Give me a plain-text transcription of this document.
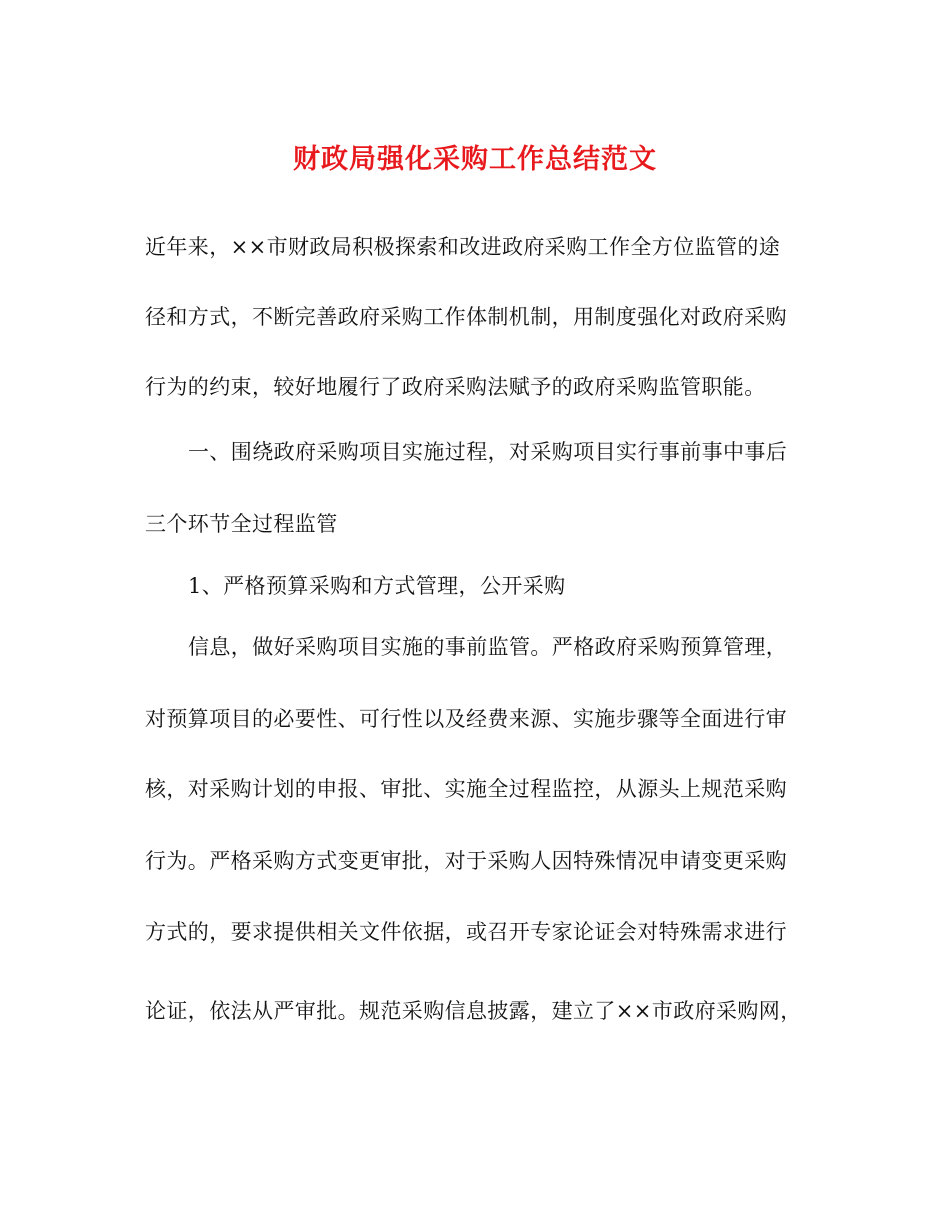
财政局强化采购工作总结范文
近年来，××市财政局积极探索和改进政府采购工作全方位监管的途
径和方式，不断完善政府采购工作体制机制，用制度强化对政府采购
行为的约束，较好地履行了政府采购法赋予的政府采购监管职能。
一、围绕政府采购项目实施过程，对采购项目实行事前事中事后
三个环节全过程监管
1、严格预算采购和方式管理，公开采购
信息，做好采购项目实施的事前监管。严格政府采购预算管理，
对预算项目的必要性、可行性以及经费来源、实施步骤等全面进行审
核，对采购计划的申报、审批、实施全过程监控，从源头上规范采购
行为。严格采购方式变更审批，对于采购人因特殊情况申请变更采购
方式的，要求提供相关文件依据，或召开专家论证会对特殊需求进行
论证，依法从严审批。规范采购信息披露，建立了××市政府采购网，
